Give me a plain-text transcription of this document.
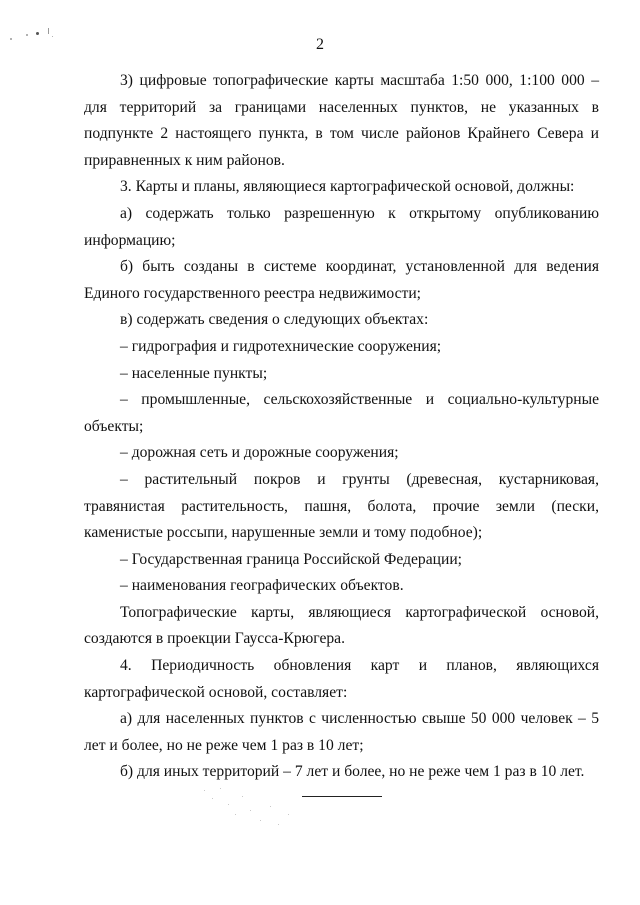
2

3) цифровые топографические карты масштаба 1:50 000, 1:100 000 – для территорий за границами населенных пунктов, не указанных в подпункте 2 настоящего пункта, в том числе районов Крайнего Севера и приравненных к ним районов.

3. Карты и планы, являющиеся картографической основой, должны:

а) содержать только разрешенную к открытому опубликованию информацию;

б) быть созданы в системе координат, установленной для ведения Единого государственного реестра недвижимости;

в) содержать сведения о следующих объектах:

– гидрография и гидротехнические сооружения;

– населенные пункты;

– промышленные, сельскохозяйственные и социально-культурные объекты;

– дорожная сеть и дорожные сооружения;

– растительный покров и грунты (древесная, кустарниковая, травянистая растительность, пашня, болота, прочие земли (пески, каменистые россыпи, нарушенные земли и тому подобное);

– Государственная граница Российской Федерации;

– наименования географических объектов.

Топографические карты, являющиеся картографической основой, создаются в проекции Гаусса-Крюгера.

4. Периодичность обновления карт и планов, являющихся картографической основой, составляет:

а) для населенных пунктов с численностью свыше 50 000 человек – 5 лет и более, но не реже чем 1 раз в 10 лет;

б) для иных территорий – 7 лет и более, но не реже чем 1 раз в 10 лет.
